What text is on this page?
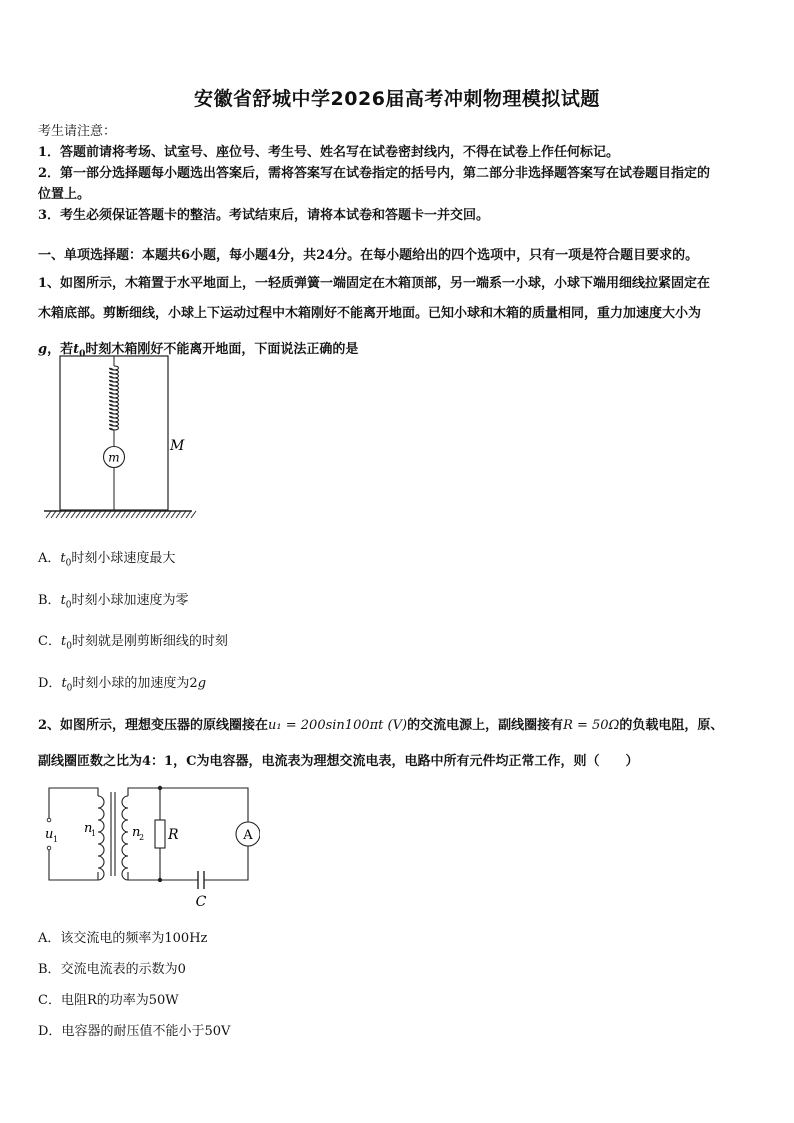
安徽省舒城中学2026届高考冲刺物理模拟试题
考生请注意：
1．答题前请将考场、试室号、座位号、考生号、姓名写在试卷密封线内，不得在试卷上作任何标记。
2．第一部分选择题每小题选出答案后，需将答案写在试卷指定的括号内，第二部分非选择题答案写在试卷题目指定的
位置上。
3．考生必须保证答题卡的整洁。考试结束后，请将本试卷和答题卡一并交回。
一、单项选择题：本题共6小题，每小题4分，共24分。在每小题给出的四个选项中，只有一项是符合题目要求的。
1、如图所示，木箱置于水平地面上，一轻质弹簧一端固定在木箱顶部，另一端系一小球，小球下端用细线拉紧固定在
木箱底部。剪断细线，小球上下运动过程中木箱刚好不能离开地面。已知小球和木箱的质量相同，重力加速度大小为
g，若$t_0$时刻木箱刚好不能离开地面，下面说法正确的是
m
M
A．$t_0$时刻小球速度最大
B．$t_0$时刻小球加速度为零
C．$t_0$时刻就是刚剪断细线的时刻
D．$t_0$时刻小球的加速度为2g
2、如图所示，理想变压器的原线圈接在u₁ = 200sin100πt (V)的交流电源上，副线圈接有R = 50Ω的负载电阻，原、
副线圈匝数之比为4：1，C为电容器，电流表为理想交流电表，电路中所有元件均正常工作，则（　　）
u 1
n
1	n
2 R	A
C
A．该交流电的频率为100Hz
B．交流电流表的示数为0
C．电阻R的功率为50W
D．电容器的耐压值不能小于50V
